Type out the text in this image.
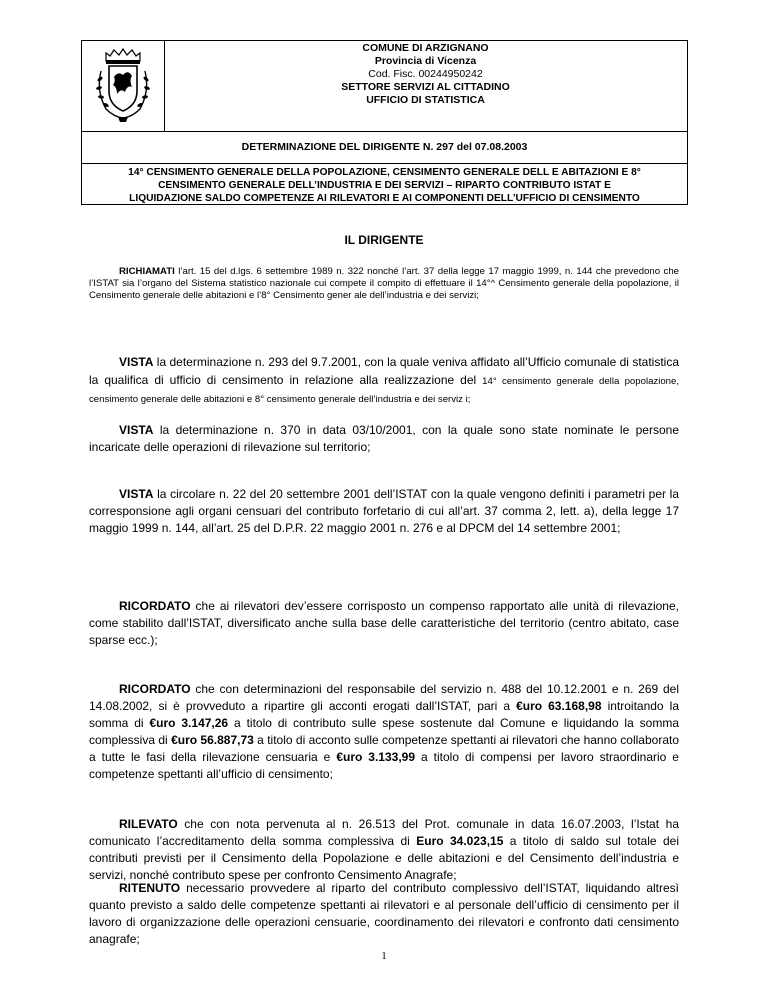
COMUNE DI ARZIGNANO
Provincia di Vicenza
Cod. Fisc. 00244950242
SETTORE SERVIZI AL CITTADINO
UFFICIO DI STATISTICA
DETERMINAZIONE DEL DIRIGENTE N. 297 del 07.08.2003
14° CENSIMENTO GENERALE DELLA POPOLAZIONE, CENSIMENTO GENERALE DELL E ABITAZIONI E 8°
CENSIMENTO GENERALE DELL’INDUSTRIA E DEI SERVIZI – RIPARTO CONTRIBUTO ISTAT E
LIQUIDAZIONE SALDO COMPETENZE AI RILEVATORI E AI COMPONENTI DELL’UFFICIO DI CENSIMENTO
IL DIRIGENTE
RICHIAMATI l’art. 15 del d.lgs. 6 settembre 1989 n. 322 nonché l’art. 37 della legge 17 maggio 1999, n. 144 che prevedono che l’ISTAT sia l’organo del Sistema statistico nazionale cui compete il compito di effettuare il 14°^ Censimento generale della popolazione, il Censimento generale delle abitazioni e l’8° Censimento gener ale dell’industria e dei servizi;
VISTA la determinazione n. 293 del 9.7.2001, con la quale veniva affidato all’Ufficio comunale di statistica la qualifica di ufficio di censimento in relazione alla realizzazione del 14° censimento generale della popolazione, censimento generale delle abitazioni e 8° censimento generale dell’industria e dei serviz i;
VISTA la determinazione n. 370 in data 03/10/2001, con la quale sono state nominate le persone incaricate delle operazioni di rilevazione sul territorio;
VISTA la circolare n. 22 del 20 settembre 2001 dell’ISTAT con la quale vengono definiti i parametri per la corresponsione agli organi censuari del contributo forfetario di cui all’art. 37 comma 2, lett. a), della legge 17 maggio 1999 n. 144, all’art. 25 del D.P.R. 22 maggio 2001 n. 276 e al DPCM del 14 settembre 2001;
RICORDATO che ai rilevatori dev’essere corrisposto un compenso rapportato alle unità di rilevazione, come stabilito dall’ISTAT, diversificato anche sulla base delle caratteristiche del territorio (centro abitato, case sparse ecc.);
RICORDATO che con determinazioni del responsabile del servizio n. 488 del 10.12.2001 e n. 269 del 14.08.2002, si è provveduto a ripartire gli acconti erogati dall’ISTAT, pari a €uro 63.168,98 introitando la somma di €uro 3.147,26 a titolo di contributo sulle spese sostenute dal Comune e liquidando la somma complessiva di €uro 56.887,73 a titolo di acconto sulle competenze spettanti ai rilevatori che hanno collaborato a tutte le fasi della rilevazione censuaria e €uro 3.133,99 a titolo di compensi per lavoro straordinario e competenze spettanti all’ufficio di censimento;
RILEVATO che con nota pervenuta al n. 26.513 del Prot. comunale in data 16.07.2003, l’Istat ha comunicato l’accreditamento della somma complessiva di Euro 34.023,15 a titolo di saldo sul totale dei contributi previsti per il Censimento della Popolazione e delle abitazioni e del Censimento dell’industria e servizi, nonché contributo spese per confronto Censimento Anagrafe;
RITENUTO necessario provvedere al riparto del contributo complessivo dell’ISTAT, liquidando altresì quanto previsto a saldo delle competenze spettanti ai rilevatori e al personale dell’ufficio di censimento per il lavoro di organizzazione delle operazioni censuarie, coordinamento dei rilevatori e confronto dati censimento anagrafe;
1
